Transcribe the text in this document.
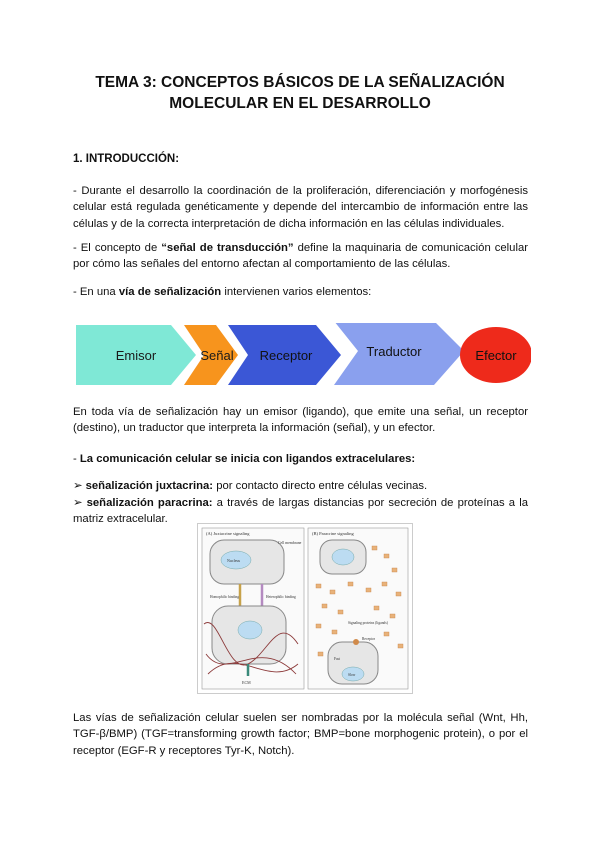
TEMA 3: CONCEPTOS BÁSICOS DE LA SEÑALIZACIÓN
MOLECULAR EN EL DESARROLLO
1. INTRODUCCIÓN:
- Durante el desarrollo la coordinación de la proliferación, diferenciación y morfogénesis celular está regulada genéticamente y depende del intercambio de información entre las células y de la correcta interpretación de dicha información en las células individuales.
- El concepto de “señal de transducción” define la maquinaria de comunicación celular por cómo las señales del entorno afectan al comportamiento de las células.
- En una vía de señalización intervienen varios elementos:
Emisor	Señal Receptor	Traductor	Efector
En toda vía de señalización hay un emisor (ligando), que emite una señal, un receptor (destino), un traductor que interpreta la información (señal), y un efector.
- La comunicación celular se inicia con ligandos extracelulares:
➢ señalización juxtacrina: por contacto directo entre células vecinas.
➢ señalización paracrina: a través de largas distancias por secreción de proteínas a la matriz extracelular.
(A) Juxtacrine signaling
Nucleus
Cell membrane
Homophilic binding	Heterophilic binding
ECM
(B) Paracrine signaling
Signaling proteins (ligands)
Receptor
Fast
Slow
Las vías de señalización celular suelen ser nombradas por la molécula señal (Wnt, Hh, TGF-β/BMP) (TGF=transforming growth factor; BMP=bone morphogenic protein), o por el receptor (EGF-R y receptores Tyr-K, Notch).
